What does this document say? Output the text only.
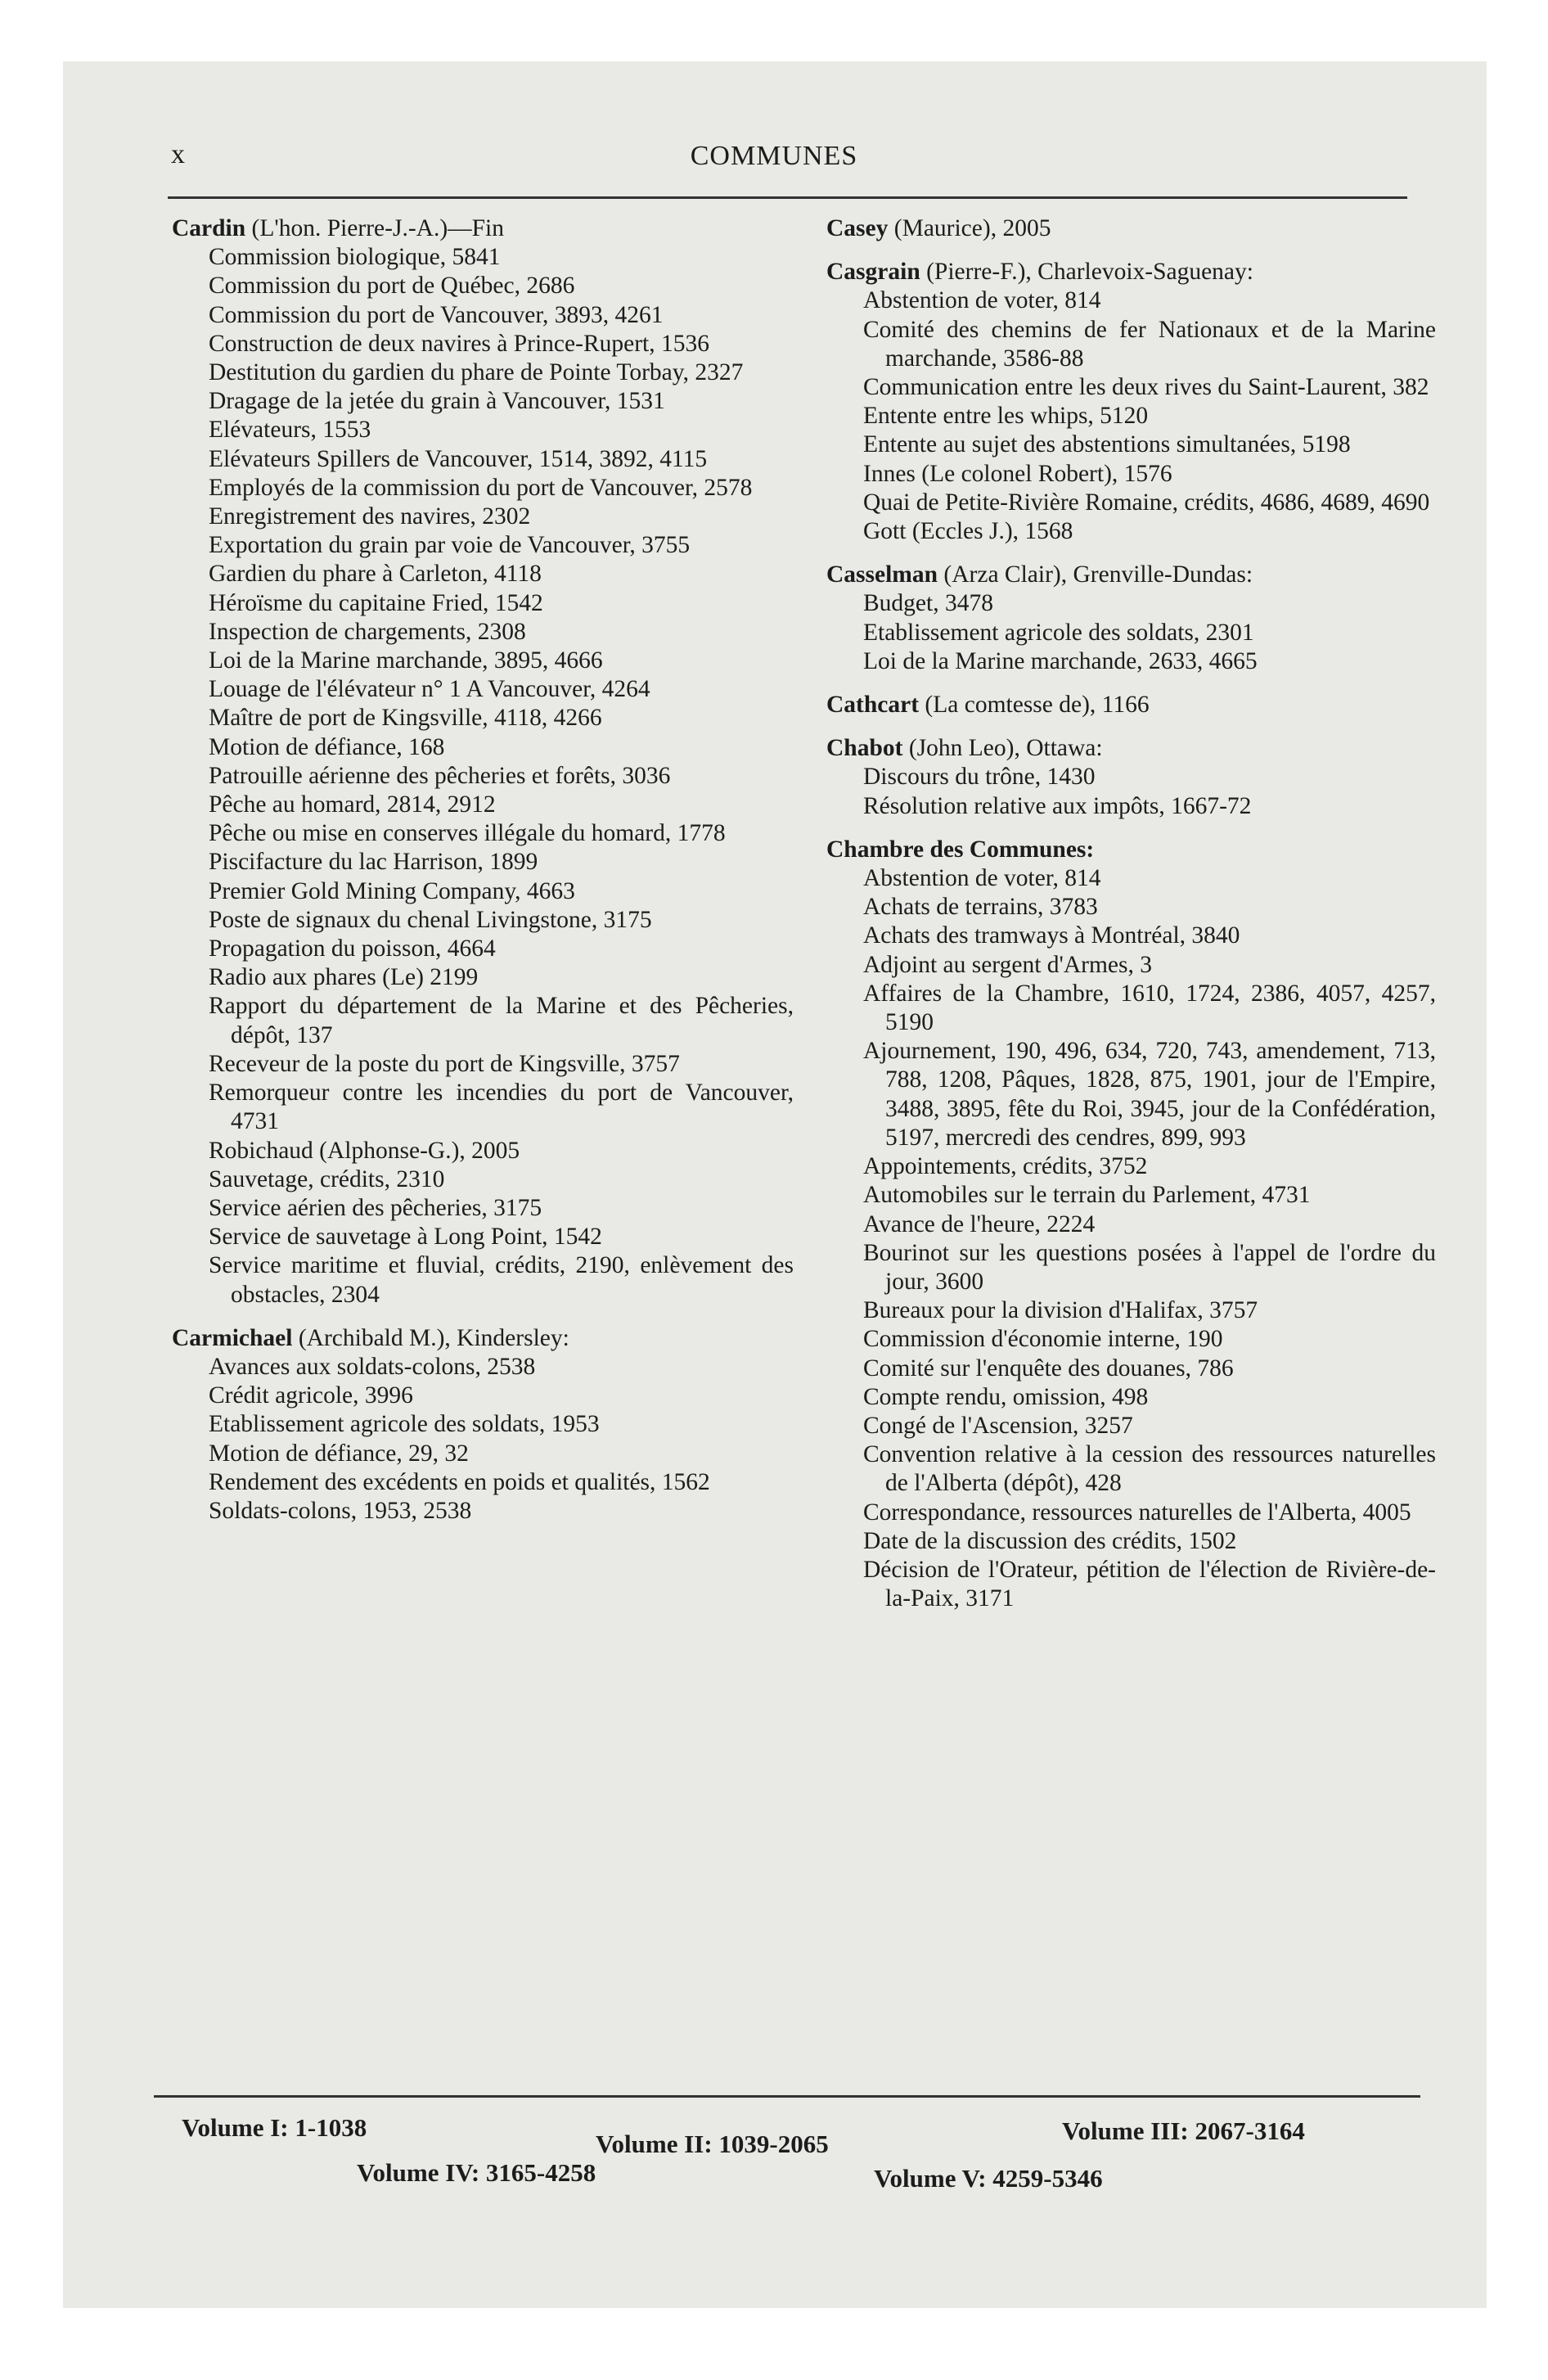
x	COMMUNES
Cardin (L'hon. Pierre-J.-A.)—Fin
Commission biologique, 5841
Commission du port de Québec, 2686
Commission du port de Vancouver, 3893, 4261
Construction de deux navires à Prince-Rupert, 1536
Destitution du gardien du phare de Pointe Torbay, 2327
Dragage de la jetée du grain à Vancouver, 1531
Elévateurs, 1553
Elévateurs Spillers de Vancouver, 1514, 3892, 4115
Employés de la commission du port de Vancouver, 2578
Enregistrement des navires, 2302
Exportation du grain par voie de Vancouver, 3755
Gardien du phare à Carleton, 4118
Héroïsme du capitaine Fried, 1542
Inspection de chargements, 2308
Loi de la Marine marchande, 3895, 4666
Louage de l'élévateur n° 1 A Vancouver, 4264
Maître de port de Kingsville, 4118, 4266
Motion de défiance, 168
Patrouille aérienne des pêcheries et forêts, 3036
Pêche au homard, 2814, 2912
Pêche ou mise en conserves illégale du homard, 1778
Piscifacture du lac Harrison, 1899
Premier Gold Mining Company, 4663
Poste de signaux du chenal Livingstone, 3175
Propagation du poisson, 4664
Radio aux phares (Le) 2199
Rapport du département de la Marine et des Pêcheries, dépôt, 137
Receveur de la poste du port de Kingsville, 3757
Remorqueur contre les incendies du port de Vancouver, 4731
Robichaud (Alphonse-G.), 2005
Sauvetage, crédits, 2310
Service aérien des pêcheries, 3175
Service de sauvetage à Long Point, 1542
Service maritime et fluvial, crédits, 2190, enlèvement des obstacles, 2304
Carmichael (Archibald M.), Kindersley:
Avances aux soldats-colons, 2538
Crédit agricole, 3996
Etablissement agricole des soldats, 1953
Motion de défiance, 29, 32
Rendement des excédents en poids et qualités, 1562
Soldats-colons, 1953, 2538
Casey (Maurice), 2005
Casgrain (Pierre-F.), Charlevoix-Saguenay:
Abstention de voter, 814
Comité des chemins de fer Nationaux et de la Marine marchande, 3586-88
Communication entre les deux rives du Saint-Laurent, 382
Entente entre les whips, 5120
Entente au sujet des abstentions simultanées, 5198
Innes (Le colonel Robert), 1576
Quai de Petite-Rivière Romaine, crédits, 4686, 4689, 4690
Gott (Eccles J.), 1568
Casselman (Arza Clair), Grenville-Dundas:
Budget, 3478
Etablissement agricole des soldats, 2301
Loi de la Marine marchande, 2633, 4665
Cathcart (La comtesse de), 1166
Chabot (John Leo), Ottawa:
Discours du trône, 1430
Résolution relative aux impôts, 1667-72
Chambre des Communes:
Abstention de voter, 814
Achats de terrains, 3783
Achats des tramways à Montréal, 3840
Adjoint au sergent d'Armes, 3
Affaires de la Chambre, 1610, 1724, 2386, 4057, 4257, 5190
Ajournement, 190, 496, 634, 720, 743, amendement, 713, 788, 1208, Pâques, 1828, 875, 1901, jour de l'Empire, 3488, 3895, fête du Roi, 3945, jour de la Confédération, 5197, mercredi des cendres, 899, 993
Appointements, crédits, 3752
Automobiles sur le terrain du Parlement, 4731
Avance de l'heure, 2224
Bourinot sur les questions posées à l'appel de l'ordre du jour, 3600
Bureaux pour la division d'Halifax, 3757
Commission d'économie interne, 190
Comité sur l'enquête des douanes, 786
Compte rendu, omission, 498
Congé de l'Ascension, 3257
Convention relative à la cession des ressources naturelles de l'Alberta (dépôt), 428
Correspondance, ressources naturelles de l'Alberta, 4005
Date de la discussion des crédits, 1502
Décision de l'Orateur, pétition de l'élection de Rivière-de-la-Paix, 3171
Volume I: 1-1038
Volume II: 1039-2065	Volume III: 2067-3164
Volume IV: 3165-4258	Volume V: 4259-5346
